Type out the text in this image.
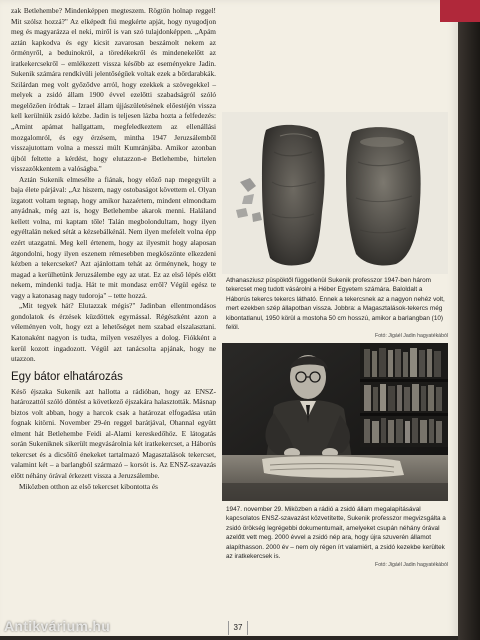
zak Betlehembe? Mindenképpen megteszem. Rögtön holnap reggel! Mit szólsz hozzá?" Az elképedt fiú megkérte apját, hogy nyugodjon meg és magyarázza el neki, miről is van szó tulajdonképpen. „Apám aztán kapkodva és egy kicsit zavarosan beszámolt nekem az örményről, a beduinokról, a töredékekről és mindenekelőtt az iratkekercsekről – emlékezett vissza később az eseményekre Jadin. Sukenik számára rendkívüli jelentőségűek voltak ezek a bőrdarabkák. Szilárdan meg volt győződve arról, hogy ezekkek a szövegekkel – melyek a zsidó állam 1900 évvel ezelőtti szabadságról szóló megelőzően íródtak – Izrael állam újjászületésének előestéjén vissza kell kerülniük zsidó kézbe. Jadin is teljesen lázba hozta a felfedezés: „Amint apámat hallgattam, megfeledkeztem az ellenállási mozgalomról, és egy érzésem, mintha 1947 Jeruzsálemből visszajutottam volna a messzi múlt Kumránjába. Amikor azonban újból feltette a kérdést, hogy elutazzon-e Betlehembe, hirtelen visszazökkentem a valóságba."

Aztán Sukenik elmesélte a fiának, hogy előző nap megegyült a baja élete párjával: „Az hiszem, nagy ostobaságot követtem el. Olyan izgatott voltam tegnap, hogy amikor hazaértem, mindent elmondtam anyádnak, még azt is, hogy Betlehembe akarok menni. Haláland kellett volna, mi kaptam tőle! Talán megbolondultam, hogy ilyen egyéltalán neked sétát a kézsebálkénál. Nem ilyen mefelelt volna épp ezért utazgatni. Meg kell értenem, hogy az ilyesmit hogy alaposan átgondolni, hogy ilyen eszenem rémesebben megköszönte elkezdeni kézben a tekercseket? Azt ajánlottam tehát az örménynek, hogy te magad a kerülhetünk Jeruzsálembe egy az utat. Ez az első lépés előtt nekem, mindenki tudja. Hát te mit mondasz erről? Végül egész te vagy a katonasag nagy tudoroja" – tette hozzá.

„Mit tegyek hát? Elutazzak mégis?" Jadinban ellentmondásos gondolatok és érzések küzdöttek egymással. Régészként azon a véleményen volt, hogy ezt a lehetőséget nem szabad elszalasztani. Katonaként nagyon is tudta, milyen veszélyes a dolog. Fiókként a kerül kozott ingadozott. Végül azt tanácsolta apjának, hogy ne utazzon.

Egy bátor elhatározás

Késő éjszaka Sukenik azt hallotta a rádióban, hogy az ENSZ-határozattól szóló döntést a következő éjszakára halasztották. Másnap biztos volt abban, hogy a harcok csak a határozat elfogadása után fognak kitörni. November 29-én reggel barátjával, Ohannal együtt elment hát Betlehembe Feidi al-Alami kereskedőhöz. E látogatás során Sukeniknek sikerült megvásárolnia két iratkekercset, a Háborús tekercset és a dicsőítő énekeket tartalmazó Magasztalások tekercset, valamint két – a barlangból származó – korsót is. Az ENSZ-szavazás előtt néhány órával érkezett vissza a Jeruzsálembe.

Miközben otthon az első tekercset kibontotta és

Athanasziusz püspöktől függetlenül Sukenik professzor 1947-ben három tekercset meg tudott vásárolni a Héber Egyetem számára. Baloldalt a Háborús tekercs tekercs látható. Ennek a tekercsnek az a nagyon nehéz volt, mert ezekben szép állapotban vissza. Jobbra: a Magasztalások-tekercs még kibontatlanul, 1950 körül a mostoha 50 cm hosszú, amikor a barlangban (10) felöl.
Fotó: Jigáél Jadin hagyatékából
1947. november 29. Miközben a rádió a zsidó állam megalapításával kapcsolatos ENSZ-szavazást közvetítette, Sukenik professzor megvizsgálta a zsidó örökség legrégebbi dokumentumait, amelyeket csupán néhány órával azelőtt vett meg. 2000 évvel a zsidó nép ara, hogy újra szuverén államot alapíthasson. 2000 év – nem oly régen írt valamiért, a zsidó kezekbe kerültek az iratkekercsek is.
Fotó: Jigáél Jadin hagyatékából
37
Antikvárium.hu
